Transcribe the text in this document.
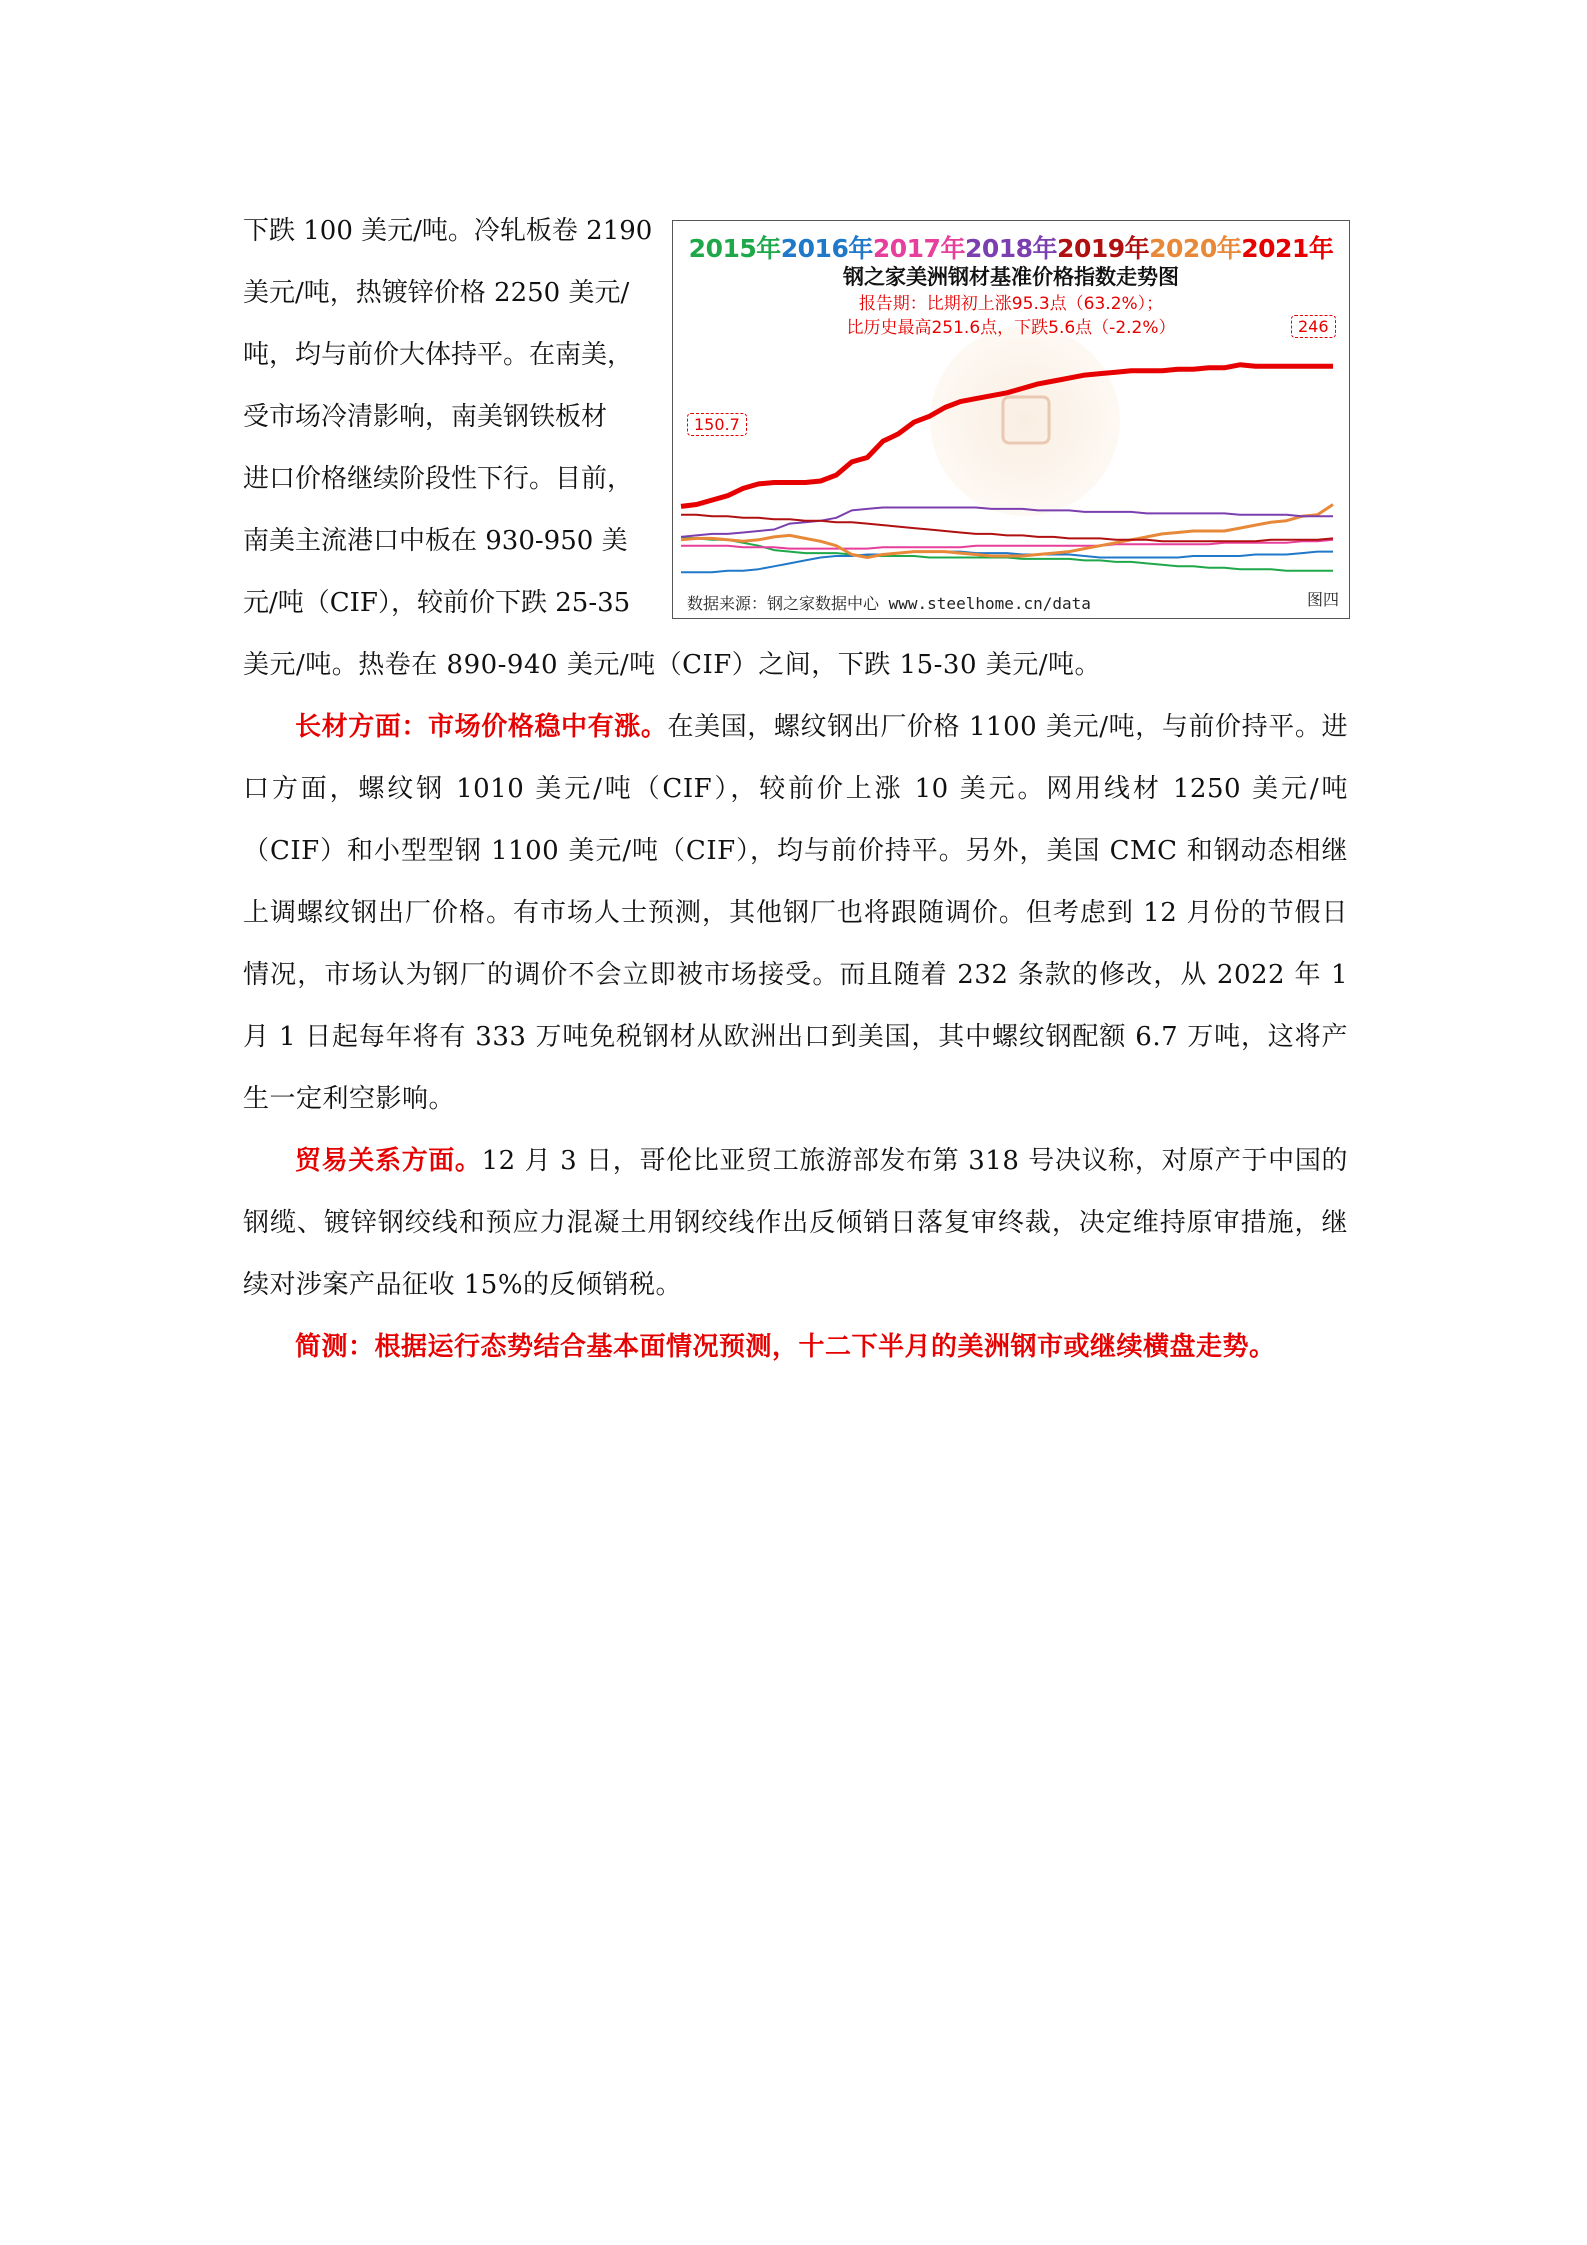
下跌 100 美元/吨。冷轧板卷 2190
美元/吨，热镀锌价格 2250 美元/
吨，均与前价大体持平。在南美，
受市场冷清影响，南美钢铁板材
进口价格继续阶段性下行。目前，
南美主流港口中板在 930-950 美
元/吨（CIF），较前价下跌 25-35
2015年2016年2017年2018年2019年2020年2021年
钢之家美洲钢材基准价格指数走势图
报告期：比期初上涨95.3点（63.2%）；
比历史最高251.6点，下跌5.6点（-2.2%）
150.7
246
数据来源：钢之家数据中心 www.steelhome.cn/data	图四

美元/吨。热卷在 890-940 美元/吨（CIF）之间，下跌 15-30 美元/吨。

长材方面：市场价格稳中有涨。在美国，螺纹钢出厂价格 1100 美元/吨，与前价持平。进口方面，螺纹钢 1010 美元/吨（CIF），较前价上涨 10 美元。网用线材 1250 美元/吨（CIF）和小型型钢 1100 美元/吨（CIF），均与前价持平。另外，美国 CMC 和钢动态相继上调螺纹钢出厂价格。有市场人士预测，其他钢厂也将跟随调价。但考虑到 12 月份的节假日情况，市场认为钢厂的调价不会立即被市场接受。而且随着 232 条款的修改，从 2022 年 1 月 1 日起每年将有 333 万吨免税钢材从欧洲出口到美国，其中螺纹钢配额 6.7 万吨，这将产生一定利空影响。

贸易关系方面。12 月 3 日，哥伦比亚贸工旅游部发布第 318 号决议称，对原产于中国的钢缆、镀锌钢绞线和预应力混凝土用钢绞线作出反倾销日落复审终裁，决定维持原审措施，继续对涉案产品征收 15%的反倾销税。

简测：根据运行态势结合基本面情况预测，十二下半月的美洲钢市或继续横盘走势。
